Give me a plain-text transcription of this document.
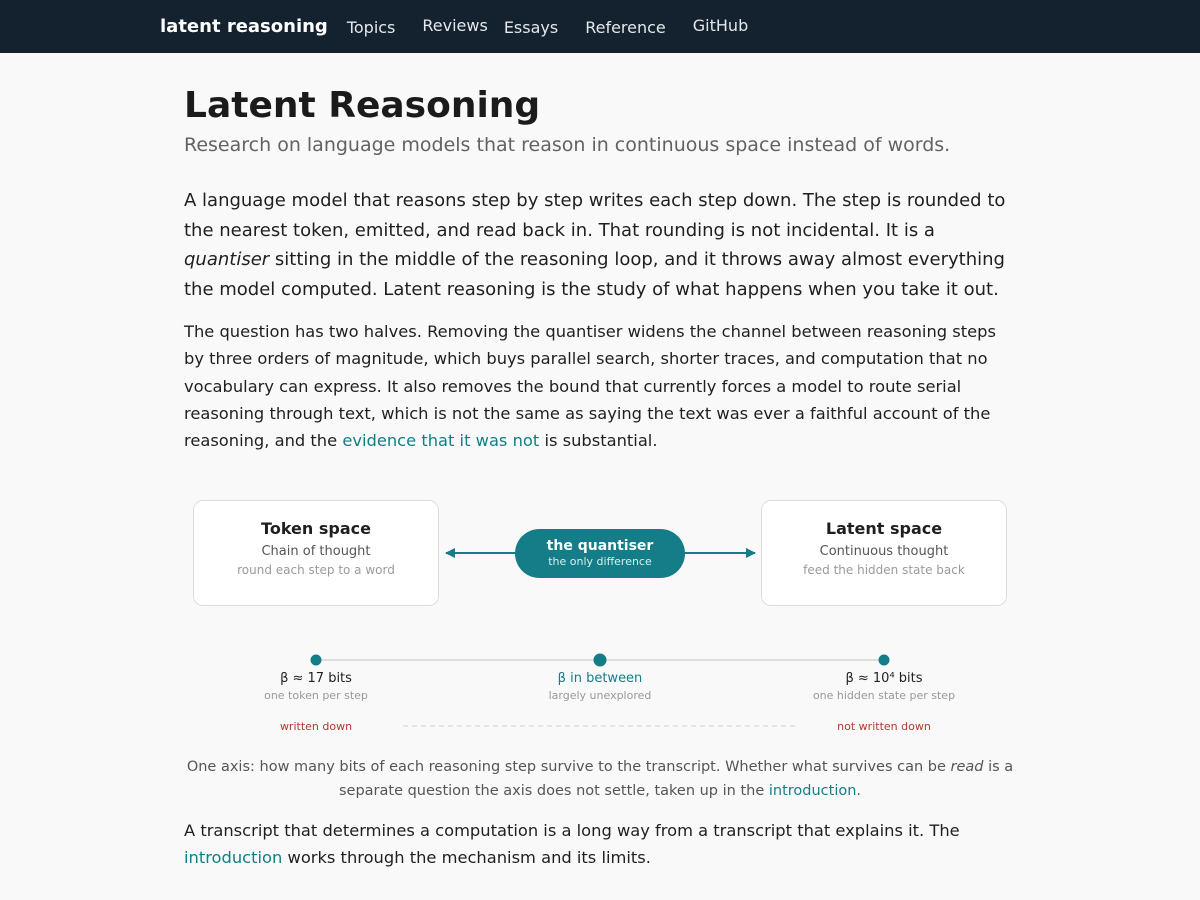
latent reasoning Topics Reviews Essays Reference GitHub
Latent Reasoning
Research on language models that reason in continuous space instead of words.

A language model that reasons step by step writes each step down. The step is rounded to the nearest token, emitted, and read back in. That rounding is not incidental. It is a quantiser sitting in the middle of the reasoning loop, and it throws away almost everything the model computed. Latent reasoning is the study of what happens when you take it out.

The question has two halves. Removing the quantiser widens the channel between reasoning steps by three orders of magnitude, which buys parallel search, shorter traces, and computation that no vocabulary can express. It also removes the bound that currently forces a model to route serial reasoning through text, which is not the same as saying the text was ever a faithful account of the reasoning, and the evidence that it was not is substantial.

Token space
Chain of thought
round each step to a word
the quantiser
the only difference
Latent space
Continuous thought
feed the hidden state back
β ≈ 17 bits
one token per step
β in between
largely unexplored
β ≈ 10⁴ bits
one hidden state per step
written down	not written down
One axis: how many bits of each reasoning step survive to the transcript. Whether what survives can be read is a separate question the axis does not settle, taken up in the introduction.

A transcript that determines a computation is a long way from a transcript that explains it. The introduction works through the mechanism and its limits.
